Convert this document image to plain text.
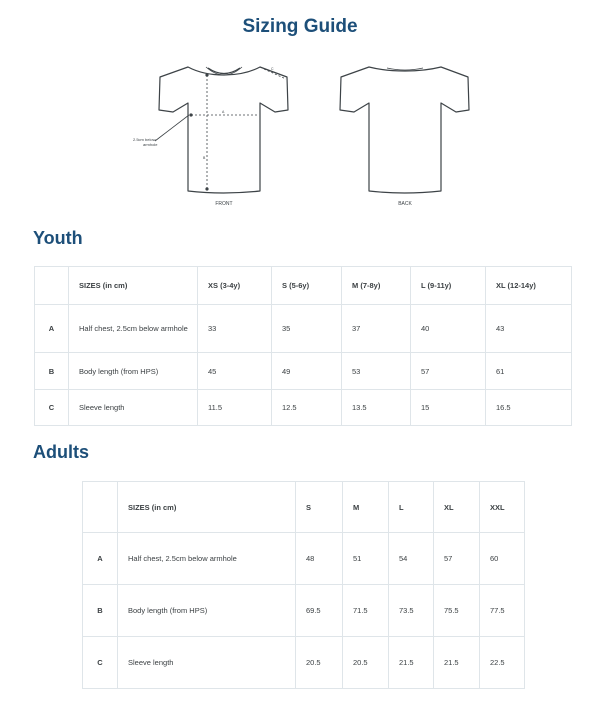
Sizing Guide
A
B
C
2.5cm below
armhole
FRONT	BACK
Youth
	SIZES (in cm)	XS (3-4y)	S (5-6y)	M (7-8y)	L (9-11y)	XL (12-14y)
A	Half chest, 2.5cm below armhole	33	35	37	40	43
B	Body length (from HPS)	45	49	53	57	61
C	Sleeve length	11.5	12.5	13.5	15	16.5
Adults
	SIZES (in cm)	S	M	L	XL	XXL
A	Half chest, 2.5cm below armhole	48	51	54	57	60
B	Body length (from HPS)	69.5	71.5	73.5	75.5	77.5
C	Sleeve length	20.5	20.5	21.5	21.5	22.5
